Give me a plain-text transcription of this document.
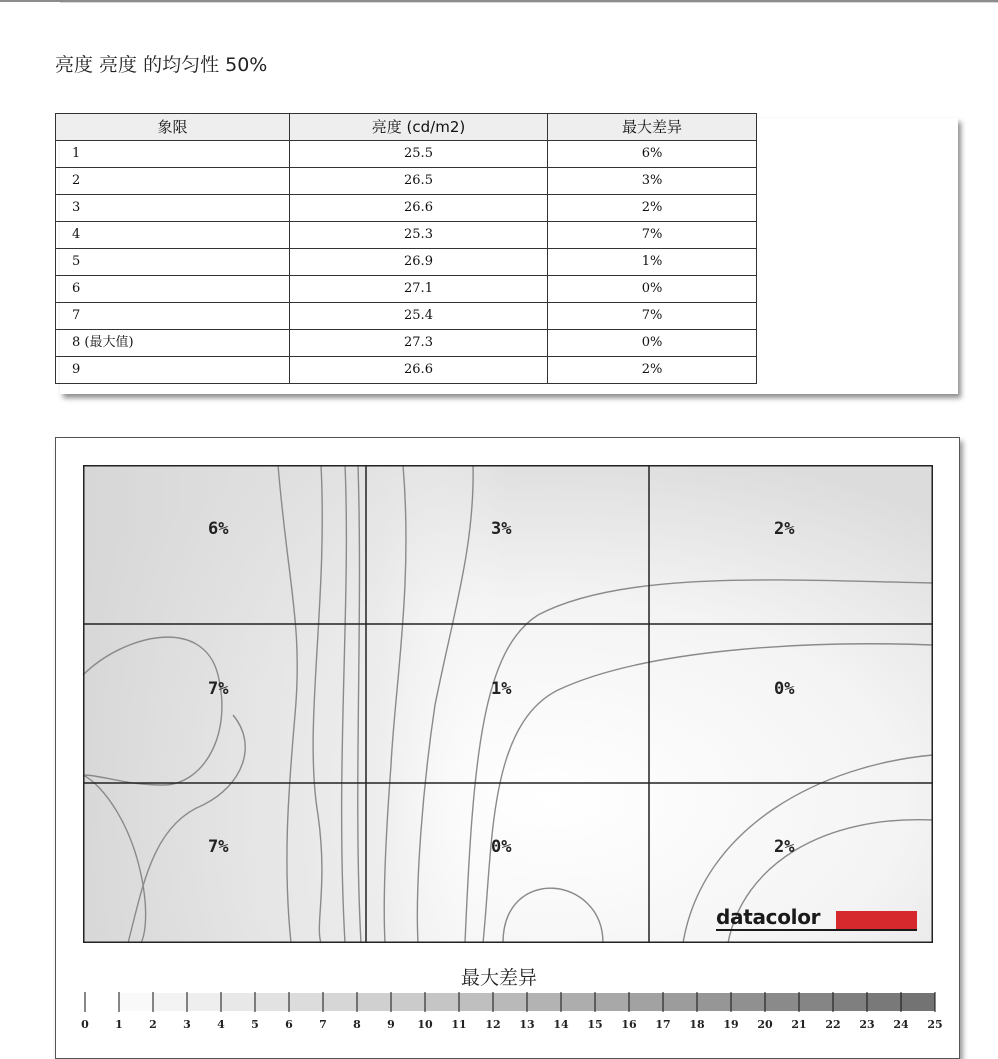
亮度 亮度 的均匀性 50%
象限	亮度 (cd/m2)	最大差异
1	25.5	6%
2	26.5	3%
3	26.6	2%
4	25.3	7%
5	26.9	1%
6	27.1	0%
7	25.4	7%
8 (最大值)	27.3	0%
9	26.6	2%
6%	3%	2%
7%	1%	0%
7%	0%	2%
datacolor
最大差异
0 1 2 3 4 5 6 7 8 9 10 11 12 13 14 15 16 17 18 19 20 21 22 23 24 25
